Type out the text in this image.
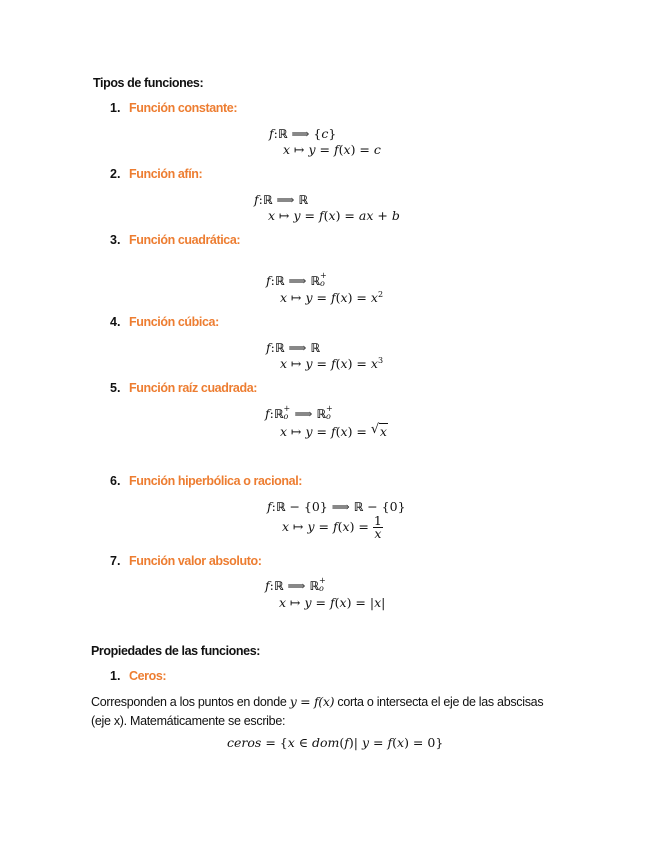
Tipos de funciones:
1. Función constante:
f:ℝ ⟹ {c}
x ↦ y = f(x) = c
2. Función afín:
f:ℝ ⟹ ℝ
x ↦ y = f(x) = ax + b
3. Función cuadrática:
f:ℝ ⟹ ℝ +
o
x ↦ $y = f(x) = x^2$
4. Función cúbica:
f:ℝ ⟹ ℝ
x ↦ $y = f(x) = x^3$
5. Función raíz cuadrada:
f:ℝ +
o ⟹ ℝ +
o
x ↦ y = f(x) = √ x
6. Función hiperbólica o racional:
f:ℝ − {0} ⟹ ℝ − {0}
x ↦ $y = f(x) = \frac{1}{x}$
7. Función valor absoluto:
f:ℝ ⟹ ℝ +
o
x ↦ y = f(x) = |x|
Propiedades de las funciones:
1. Ceros:
Corresponden a los puntos en donde y = f(x) corta o intersecta el eje de las abscisas
(eje x). Matemáticamente se escribe:
ceros = {x ∈ dom(f)| y = f(x) = 0}
